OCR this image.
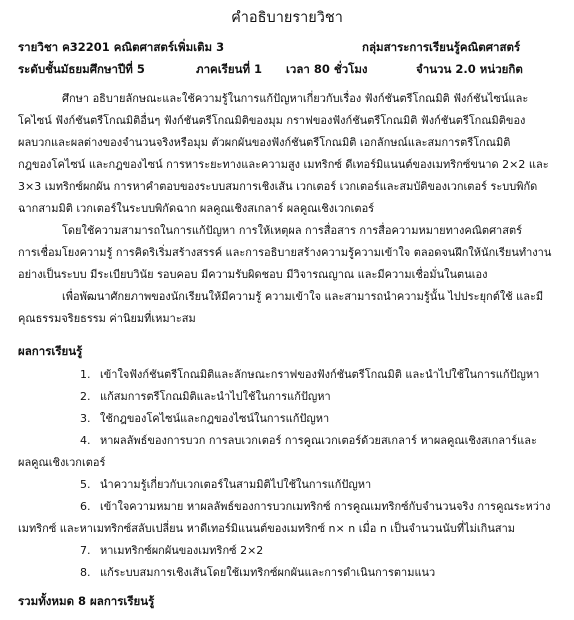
คำอธิบายรายวิชา
รายวิชา ค32201 คณิตศาสตร์เพิ่มเติม 3	กลุ่มสาระการเรียนรู้คณิตศาสตร์
ระดับชั้นมัธยมศึกษาปีที่ 5	ภาคเรียนที่ 1 เวลา 80 ชั่วโมง	จำนวน 2.0 หน่วยกิต
ศึกษา อธิบายลักษณะและใช้ความรู้ในการแก้ปัญหาเกี่ยวกับเรื่อง ฟังก์ชันตรีโกณมิติ ฟังก์ชันไซน์และ
โคไซน์ ฟังก์ชันตรีโกณมิติอื่นๆ ฟังก์ชันตรีโกณมิติของมุม กราฟของฟังก์ชันตรีโกณมิติ ฟังก์ชันตรีโกณมิติของ
ผลบวกและผลต่างของจำนวนจริงหรือมุม ตัวผกผันของฟังก์ชันตรีโกณมิติ เอกลักษณ์และสมการตรีโกณมิติ
กฎของโคไซน์ และกฎของไซน์ การหาระยะทางและความสูง เมทริกซ์ ดีเทอร์มิแนนต์ของเมทริกซ์ขนาด 2×2 และ
3×3 เมทริกซ์ผกผัน การหาคำตอบของระบบสมการเชิงเส้น เวกเตอร์ เวกเตอร์และสมบัติของเวกเตอร์ ระบบพิกัด
ฉากสามมิติ เวกเตอร์ในระบบพิกัดฉาก ผลคูณเชิงสเกลาร์ ผลคูณเชิงเวกเตอร์
โดยใช้ความสามารถในการแก้ปัญหา การให้เหตุผล การสื่อสาร การสื่อความหมายทางคณิตศาสตร์
การเชื่อมโยงความรู้ การคิดริเริ่มสร้างสรรค์ และการอธิบายสร้างความรู้ความเข้าใจ ตลอดจนฝึกให้นักเรียนทำงาน
อย่างเป็นระบบ มีระเบียบวินัย รอบคอบ มีความรับผิดชอบ มีวิจารณญาณ และมีความเชื่อมั่นในตนเอง
เพื่อพัฒนาศักยภาพของนักเรียนให้มีความรู้ ความเข้าใจ และสามารถนำความรู้นั้น ไปประยุกต์ใช้ และมี
คุณธรรมจริยธรรม ค่านิยมที่เหมาะสม
ผลการเรียนรู้
1. เข้าใจฟังก์ชันตรีโกณมิติและลักษณะกราฟของฟังก์ชันตรีโกณมิติ และนำไปใช้ในการแก้ปัญหา
2. แก้สมการตรีโกณมิติและนำไปใช้ในการแก้ปัญหา
3. ใช้กฎของโคไซน์และกฎของไซน์ในการแก้ปัญหา
4. หาผลลัพธ์ของการบวก การลบเวกเตอร์ การคูณเวกเตอร์ด้วยสเกลาร์ หาผลคูณเชิงสเกลาร์และ
ผลคูณเชิงเวกเตอร์
5. นำความรู้เกี่ยวกับเวกเตอร์ในสามมิติไปใช้ในการแก้ปัญหา
6. เข้าใจความหมาย หาผลลัพธ์ของการบวกเมทริกซ์ การคูณเมทริกซ์กับจำนวนจริง การคูณระหว่าง
เมทริกซ์ และหาเมทริกซ์สลับเปลี่ยน หาดีเทอร์มิแนนต์ของเมทริกซ์ n× n เมื่อ n เป็นจำนวนนับที่ไม่เกินสาม
7. หาเมทริกซ์ผกผันของเมทริกซ์ 2×2
8. แก้ระบบสมการเชิงเส้นโดยใช้เมทริกซ์ผกผันและการดำเนินการตามแนว
รวมทั้งหมด 8 ผลการเรียนรู้
